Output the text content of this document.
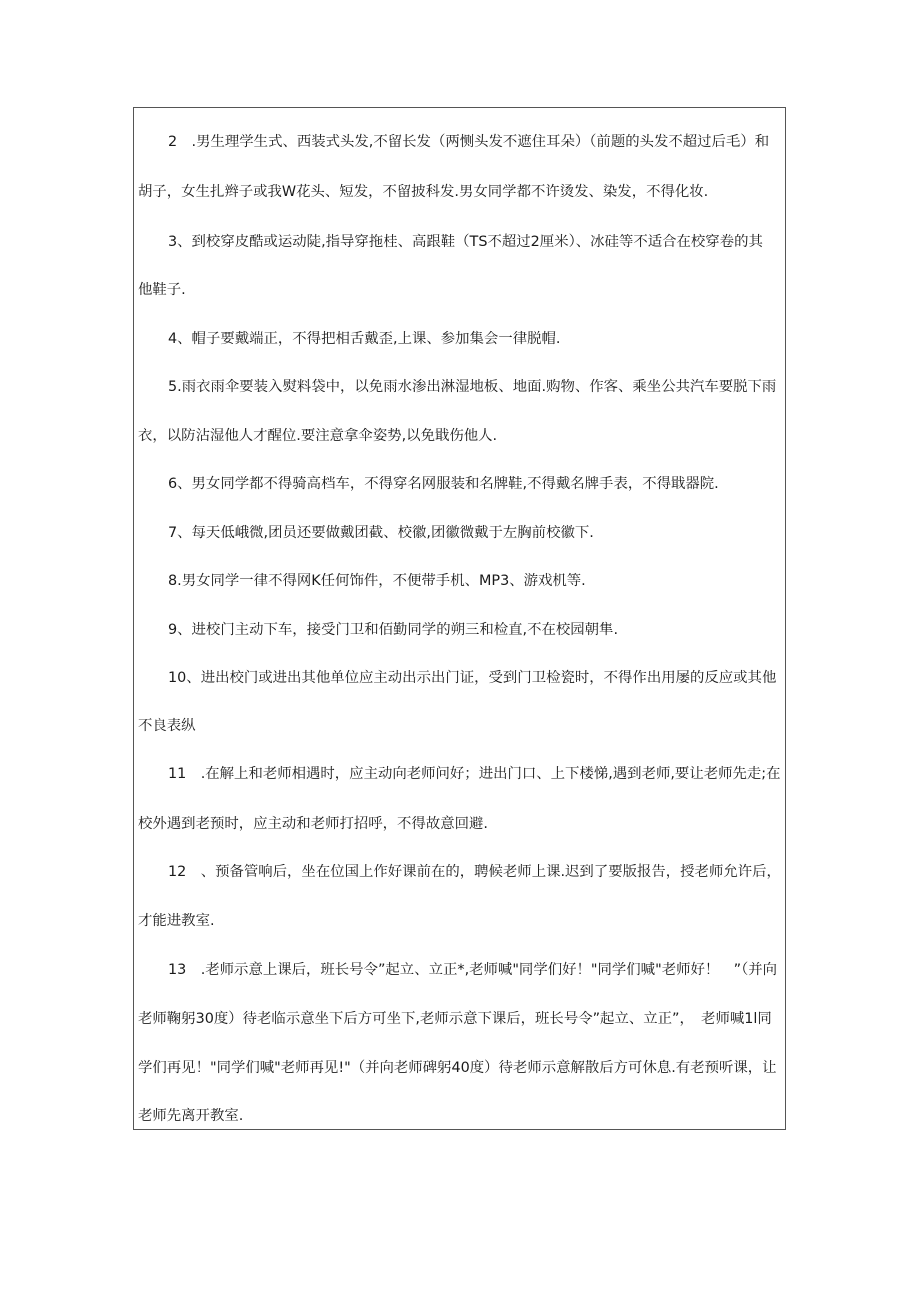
2　.男生理学生式、西装式头发,不留长发（两恻头发不遮住耳朵）（前题的头发不超过后毛）和
胡子，女生扎辫子或我W花头、短发，不留披科发.男女同学都不许烫发、染发，不得化妆.
3、到校穿皮酷或运动陡,指导穿拖桂、高跟鞋（TS不超过2厘米）、冰硅等不适合在校穿卷的其
他鞋子.
4、帽子要戴端正，不得把相舌戴歪,上课、参加集会一律脱帽.
5.雨衣雨伞要装入熨料袋中，以免雨水渗出淋湿地板、地面.购物、作客、乘坐公共汽车要脱下雨
衣，以防沾湿他人才醒位.要注意拿伞姿势,以免戢伤他人.
6、男女同学都不得骑高档车，不得穿名网服装和名牌鞋,不得戴名牌手表，不得戢器院.
7、每天低峨微,团员还要做戴团截、校徽,团徽微戴于左胸前校徽下.
8.男女同学一律不得网K任何饰件，不便带手机、MP3、游戏机等.
9、进校门主动下车，接受门卫和佰勤同学的朔三和检直,不在校园朝隼.
10、进出校门或进出其他单位应主动出示出门证，受到门卫检瓷时，不得作出用屡的反应或其他
不良表纵
11　.在解上和老师相遇时，应主动向老师问好；进出门口、上下楼悌,遇到老师,要让老师先走;在
校外遇到老预时，应主动和老师打招呼，不得故意回避.
12　、预备管响后，坐在位国上作好课前在的，聘候老师上课.迟到了要版报告，授老师允许后，
才能进教室.
13　.老师示意上课后，班长号令”起立、立正*,老师喊"同学们好！"同学们喊"老师好！　”（并向
老师鞠躬30度）待老临示意坐下后方可坐下,老师示意下课后，班长号令”起立、立正”，　老师喊1l同
学们再见！"同学们喊"老师再见!"（并向老师碑躬40度）待老师示意解散后方可休息.有老预听课，让
老师先离开教室.
